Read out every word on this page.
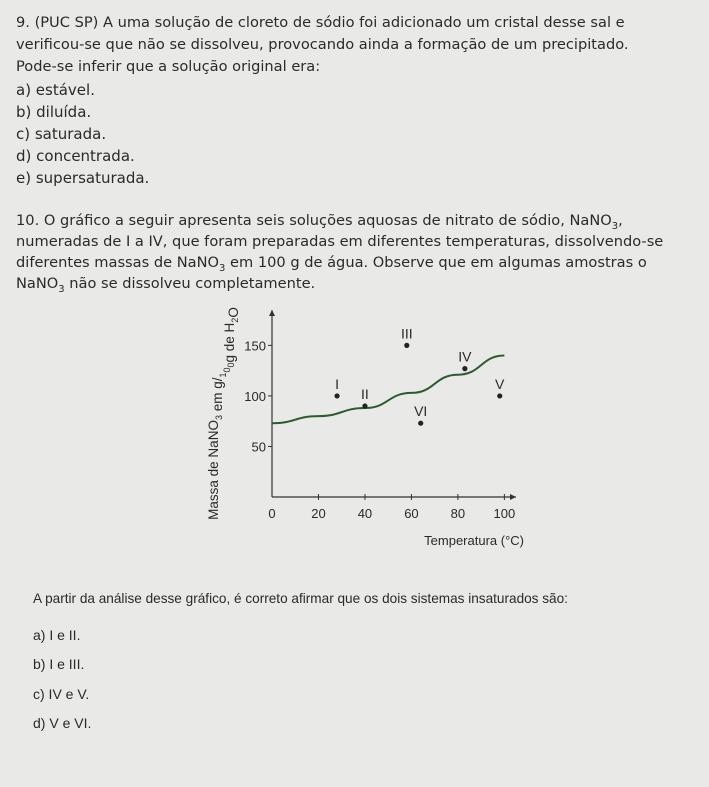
9. (PUC SP) A uma solução de cloreto de sódio foi adicionado um cristal desse sal e
verificou-se que não se dissolveu, provocando ainda a formação de um precipitado.
Pode-se inferir que a solução original era:
a) estável.
b) diluída.
c) saturada.
d) concentrada.
e) supersaturada.
10. O gráfico a seguir apresenta seis soluções aquosas de nitrato de sódio, NaNO$_3$,
numeradas de I a IV, que foram preparadas em diferentes temperaturas, dissolvendo-se
diferentes massas de NaNO$_3$ em 100 g de água. Observe que em algumas amostras o
NaNO$_3$ não se dissolveu completamente.
0	20 40 60 80 100
50
100
150
Temperatura (°C)
Massa de NaNO$_3$ em $g/_{100}g$ de $H_2O$
I
II
III
IV
V
VI
A partir da análise desse gráfico, é correto afirmar que os dois sistemas insaturados são:
a) I e II.
b) I e III.
c) IV e V.
d) V e VI.
